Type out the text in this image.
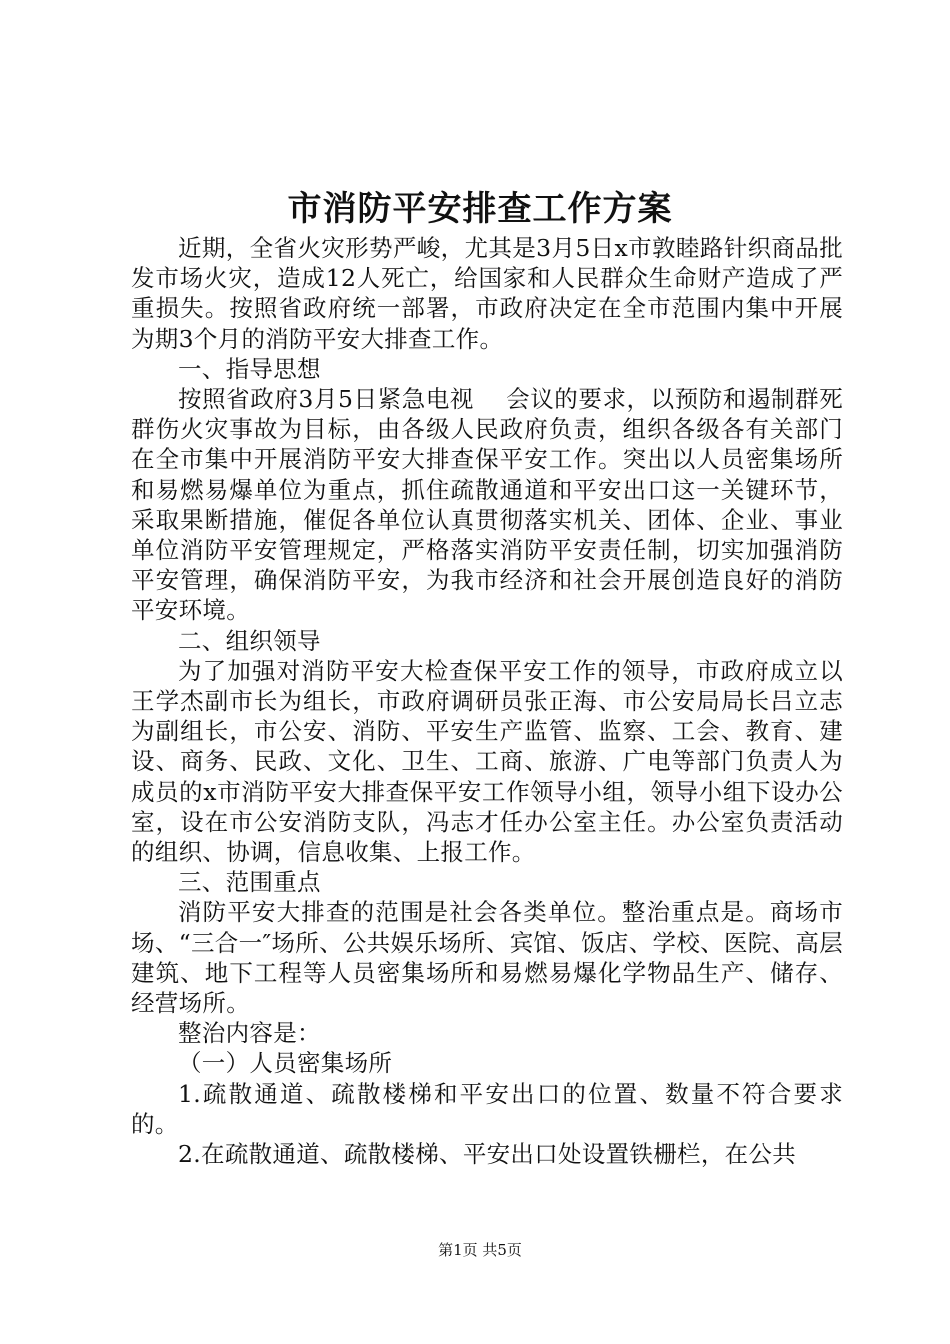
市消防平安排查工作方案

近期，全省火灾形势严峻，尤其是3月5日x市敦睦路针织商品批发市场火灾，造成12人死亡，给国家和人民群众生命财产造成了严重损失。按照省政府统一部署，市政府决定在全市范围内集中开展为期3个月的消防平安大排查工作。

一、指导思想

按照省政府3月5日紧急电视　 会议的要求，以预防和遏制群死群伤火灾事故为目标，由各级人民政府负责，组织各级各有关部门在全市集中开展消防平安大排查保平安工作。突出以人员密集场所和易燃易爆单位为重点，抓住疏散通道和平安出口这一关键环节，采取果断措施，催促各单位认真贯彻落实机关、团体、企业、事业单位消防平安管理规定，严格落实消防平安责任制，切实加强消防平安管理，确保消防平安，为我市经济和社会开展创造良好的消防平安环境。

二、组织领导

为了加强对消防平安大检查保平安工作的领导，市政府成立以王学杰副市长为组长，市政府调研员张正海、市公安局局长吕立志为副组长，市公安、消防、平安生产监管、监察、工会、教育、建设、商务、民政、文化、卫生、工商、旅游、广电等部门负责人为成员的x市消防平安大排查保平安工作领导小组，领导小组下设办公室，设在市公安消防支队，冯志才任办公室主任。办公室负责活动的组织、协调，信息收集、上报工作。

三、范围重点

消防平安大排查的范围是社会各类单位。整治重点是。商场市场、“三合一″场所、公共娱乐场所、宾馆、饭店、学校、医院、高层建筑、地下工程等人员密集场所和易燃易爆化学物品生产、储存、经营场所。

整治内容是：

（一）人员密集场所

1.疏散通道、疏散楼梯和平安出口的位置、数量不符合要求的。

2.在疏散通道、疏散楼梯、平安出口处设置铁栅栏，在公共

第1页 共5页
